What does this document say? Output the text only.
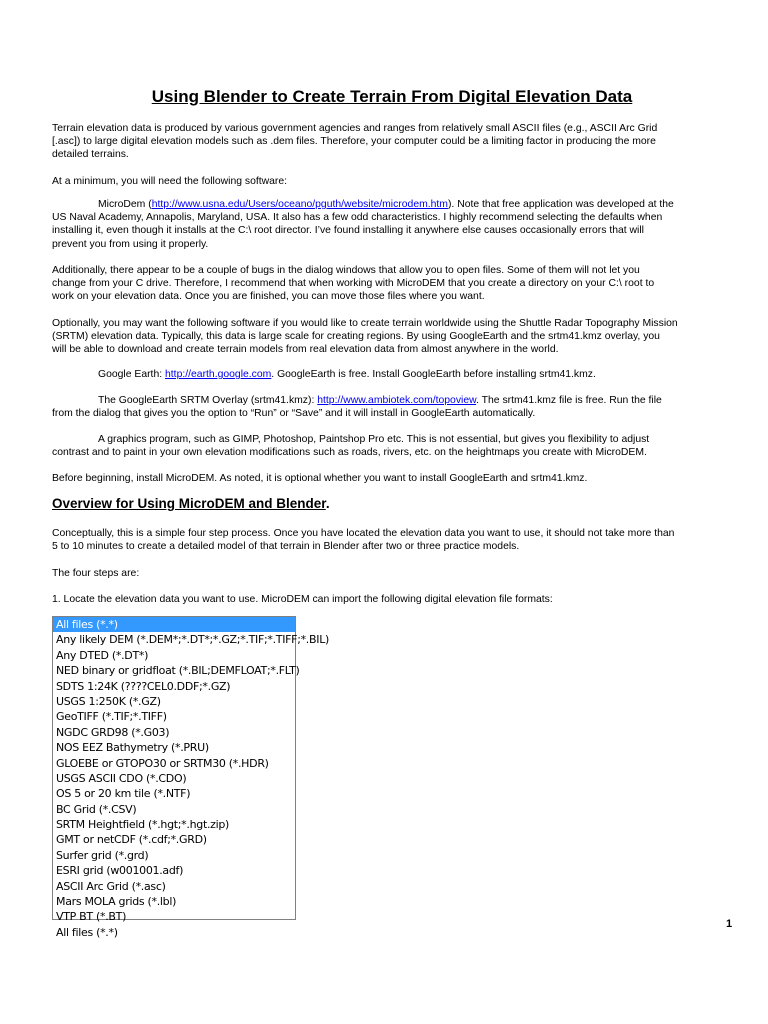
Using Blender to Create Terrain From Digital Elevation Data

Terrain elevation data is produced by various government agencies and ranges from relatively small ASCII files (e.g., ASCII Arc Grid
[.asc]) to large digital elevation models such as .dem files. Therefore, your computer could be a limiting factor in producing the more
detailed terrains.

At a minimum, you will need the following software:

MicroDem (http://www.usna.edu/Users/oceano/pguth/website/microdem.htm). Note that free application was developed at the
US Naval Academy, Annapolis, Maryland, USA. It also has a few odd characteristics. I highly recommend selecting the defaults when
installing it, even though it installs at the C:\ root director. I’ve found installing it anywhere else causes occasionally errors that will
prevent you from using it properly.

Additionally, there appear to be a couple of bugs in the dialog windows that allow you to open files. Some of them will not let you
change from your C drive. Therefore, I recommend that when working with MicroDEM that you create a directory on your C:\ root to
work on your elevation data. Once you are finished, you can move those files where you want.

Optionally, you may want the following software if you would like to create terrain worldwide using the Shuttle Radar Topography Mission
(SRTM) elevation data. Typically, this data is large scale for creating regions. By using GoogleEarth and the srtm41.kmz overlay, you
will be able to download and create terrain models from real elevation data from almost anywhere in the world.

Google Earth: http://earth.google.com. GoogleEarth is free. Install GoogleEarth before installing srtm41.kmz.

The GoogleEarth SRTM Overlay (srtm41.kmz): http://www.ambiotek.com/topoview. The srtm41.kmz file is free. Run the file
from the dialog that gives you the option to “Run” or “Save” and it will install in GoogleEarth automatically.

A graphics program, such as GIMP, Photoshop, Paintshop Pro etc. This is not essential, but gives you flexibility to adjust
contrast and to paint in your own elevation modifications such as roads, rivers, etc. on the heightmaps you create with MicroDEM.

Before beginning, install MicroDEM. As noted, it is optional whether you want to install GoogleEarth and srtm41.kmz.

Overview for Using MicroDEM and Blender.

Conceptually, this is a simple four step process. Once you have located the elevation data you want to use, it should not take more than
5 to 10 minutes to create a detailed model of that terrain in Blender after two or three practice models.

The four steps are:

1. Locate the elevation data you want to use. MicroDEM can import the following digital elevation file formats:

All files (*.*)
Any likely DEM (*.DEM*;*.DT*;*.GZ;*.TIF;*.TIFF;*.BIL)
Any DTED (*.DT*)
NED binary or gridfloat (*.BIL;DEMFLOAT;*.FLT)
SDTS 1:24K (????CEL0.DDF;*.GZ)
USGS 1:250K (*.GZ)
GeoTIFF (*.TIF;*.TIFF)
NGDC GRD98 (*.G03)
NOS EEZ Bathymetry (*.PRU)
GLOEBE or GTOPO30 or SRTM30 (*.HDR)
USGS ASCII CDO (*.CDO)
OS 5 or 20 km tile (*.NTF)
BC Grid (*.CSV)
SRTM Heightfield (*.hgt;*.hgt.zip)
GMT or netCDF (*.cdf;*.GRD)
Surfer grid (*.grd)
ESRI grid (w001001.adf)
ASCII Arc Grid (*.asc)
Mars MOLA grids (*.lbl)
VTP BT (*.BT)
All files (*.*)
1
